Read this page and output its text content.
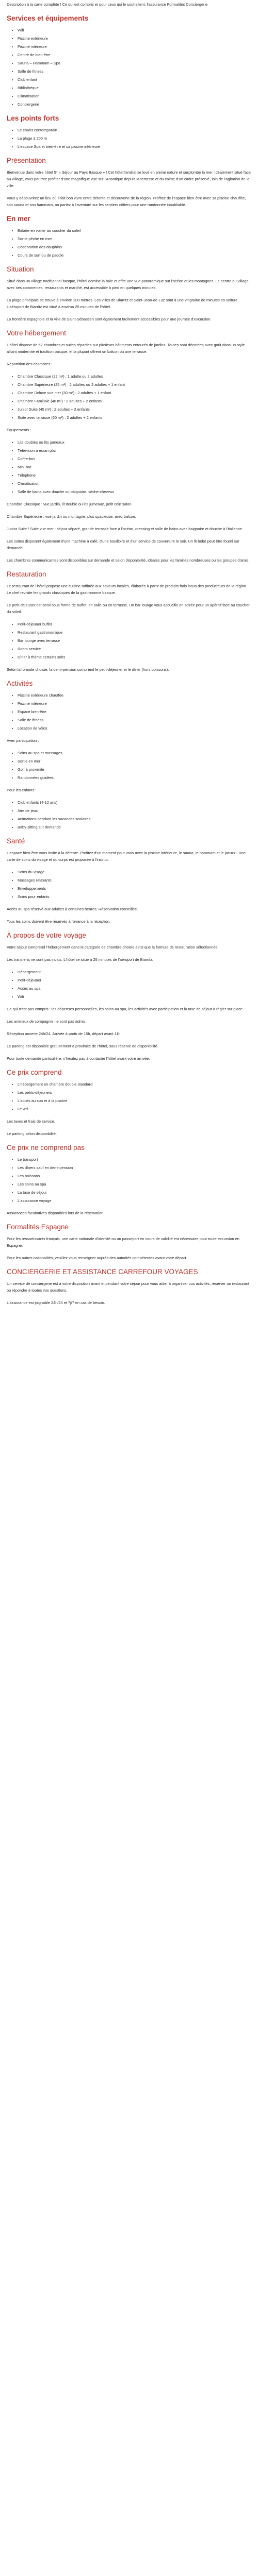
Description à la carte complète ! Ce qui est compris et pour ceux qui le souhaitent, l'assurance Formalités Conciergerie

Services et équipements
• Wifi
• Piscine extérieure
• Piscine intérieure
• Centre de bien-être
• Sauna – Hammam – Spa
• Salle de fitness
• Club enfant
• Bibliothèque
• Climatisation
• Conciergerie
Les points forts
• Le chalet contemporain
• La plage à 200 m
• L'espace Spa et bien-être et sa piscine intérieure
Présentation

Bienvenue dans votre hôtel 5* « Séjour au Pays Basque » ! Cet hôtel familial se lové en pleine nature et surplombe la mer. Idéalement situé face au village, vous pourrez profiter d'une magnifique vue sur l'Atlantique depuis la terrasse et du calme d'un cadre préservé, loin de l'agitation de la ville.

Vous y découvrirez un lieu où il fait bon vivre entre détente et découverte de la région. Profitez de l'espace bien-être avec sa piscine chauffée, son sauna et son hammam, ou partez à l'aventure sur les sentiers côtiers pour une randonnée inoubliable.

En mer
• Balade en voilier au coucher du soleil
• Sortie pêche en mer
• Observation des dauphins
• Cours de surf ou de paddle
Situation

Situé dans un village traditionnel basque, l'hôtel domine la baie et offre une vue panoramique sur l'océan et les montagnes. Le centre du village, avec ses commerces, restaurants et marché, est accessible à pied en quelques minutes.

La plage principale se trouve à environ 200 mètres. Les villes de Biarritz et Saint-Jean-de-Luz sont à une vingtaine de minutes en voiture. L'aéroport de Biarritz est situé à environ 25 minutes de l'hôtel.

La frontière espagnole et la ville de Saint-Sébastien sont également facilement accessibles pour une journée d'excursion.

Votre hébergement

L'hôtel dispose de 52 chambres et suites réparties sur plusieurs bâtiments entourés de jardins. Toutes sont décorées avec goût dans un style alliant modernité et tradition basque, et la plupart offrent un balcon ou une terrasse.

Répartition des chambres :

• Chambre Classique (22 m²) : 1 adulte ou 2 adultes
• Chambre Supérieure (25 m²) : 2 adultes ou 2 adultes + 1 enfant
• Chambre Deluxe vue mer (30 m²) : 2 adultes + 1 enfant
• Chambre Familiale (40 m²) : 2 adultes + 2 enfants
• Junior Suite (45 m²) : 2 adultes + 2 enfants
• Suite avec terrasse (60 m²) : 2 adultes + 2 enfants

Équipements :

• Lits doubles ou lits jumeaux
• Télévision à écran plat
• Coffre-fort
• Mini-bar
• Téléphone
• Climatisation
• Salle de bains avec douche ou baignoire, sèche-cheveux

Chambre Classique : vue jardin, lit double ou lits jumeaux, petit coin salon.

Chambre Supérieure : vue jardin ou montagne, plus spacieuse, avec balcon.

Junior Suite / Suite vue mer : séjour séparé, grande terrasse face à l'océan, dressing et salle de bains avec baignoire et douche à l'italienne.

Les suites disposent également d'une machine à café, d'une bouilloire et d'un service de couverture le soir. Un lit bébé peut être fourni sur demande.

Les chambres communicantes sont disponibles sur demande et selon disponibilité, idéales pour les familles nombreuses ou les groupes d'amis.

Restauration

Le restaurant de l'hôtel propose une cuisine raffinée aux saveurs locales, élaborée à partir de produits frais issus des producteurs de la région. Le chef revisite les grands classiques de la gastronomie basque.

Le petit-déjeuner est servi sous forme de buffet, en salle ou en terrasse. Un bar lounge vous accueille en soirée pour un apéritif face au coucher du soleil.

• Petit-déjeuner buffet
• Restaurant gastronomique
• Bar lounge avec terrasse
• Room service
• Dîner à thème certains soirs

Selon la formule choisie, la demi-pension comprend le petit-déjeuner et le dîner (hors boissons).

Activités
• Piscine extérieure chauffée
• Piscine intérieure
• Espace bien-être
• Salle de fitness
• Location de vélos

Avec participation :

• Soins au spa et massages
• Sortie en mer
• Golf à proximité
• Randonnées guidées

Pour les enfants :

• Club enfants (4-12 ans)
• Aire de jeux
• Animations pendant les vacances scolaires
• Baby-sitting sur demande
Santé

L'espace bien-être vous invite à la détente. Profitez d'un moment pour vous avec la piscine intérieure, le sauna, le hammam et le jacuzzi. Une carte de soins du visage et du corps est proposée à l'institut.

• Soins du visage
• Massages relaxants
• Enveloppements
• Soins pour enfants

Accès au spa réservé aux adultes à certaines heures. Réservation conseillée.

Tous les soins doivent être réservés à l'avance à la réception.

À propos de votre voyage

Votre séjour comprend l'hébergement dans la catégorie de chambre choisie ainsi que la formule de restauration sélectionnée.

Les transferts ne sont pas inclus. L'hôtel se situe à 25 minutes de l'aéroport de Biarritz.

• Hébergement
• Petit-déjeuner
• Accès au spa
• Wifi

Ce qui n'est pas compris : les dépenses personnelles, les soins au spa, les activités avec participation et la taxe de séjour à régler sur place.

Les animaux de compagnie ne sont pas admis.

Réception ouverte 24h/24. Arrivée à partir de 15h, départ avant 11h.

Le parking est disponible gratuitement à proximité de l'hôtel, sous réserve de disponibilité.

Pour toute demande particulière, n'hésitez pas à contacter l'hôtel avant votre arrivée.

Ce prix comprend
• L'hébergement en chambre double standard
• Les petits-déjeuners
• L'accès au spa et à la piscine
• Le wifi

Les taxes et frais de service.

Le parking selon disponibilité.

Ce prix ne comprend pas
• Le transport
• Les dîners sauf en demi-pension
• Les boissons
• Les soins au spa
• La taxe de séjour
• L'assurance voyage

Assurances facultatives disponibles lors de la réservation.

Formalités Espagne

Pour les ressortissants français, une carte nationale d'identité ou un passeport en cours de validité est nécessaire pour toute excursion en Espagne.

Pour les autres nationalités, veuillez vous renseigner auprès des autorités compétentes avant votre départ.

CONCIERGERIE ET ASSISTANCE CARREFOUR VOYAGES

Un service de conciergerie est à votre disposition avant et pendant votre séjour pour vous aider à organiser vos activités, réserver un restaurant ou répondre à toutes vos questions.

L'assistance est joignable 24h/24 et 7j/7 en cas de besoin.
